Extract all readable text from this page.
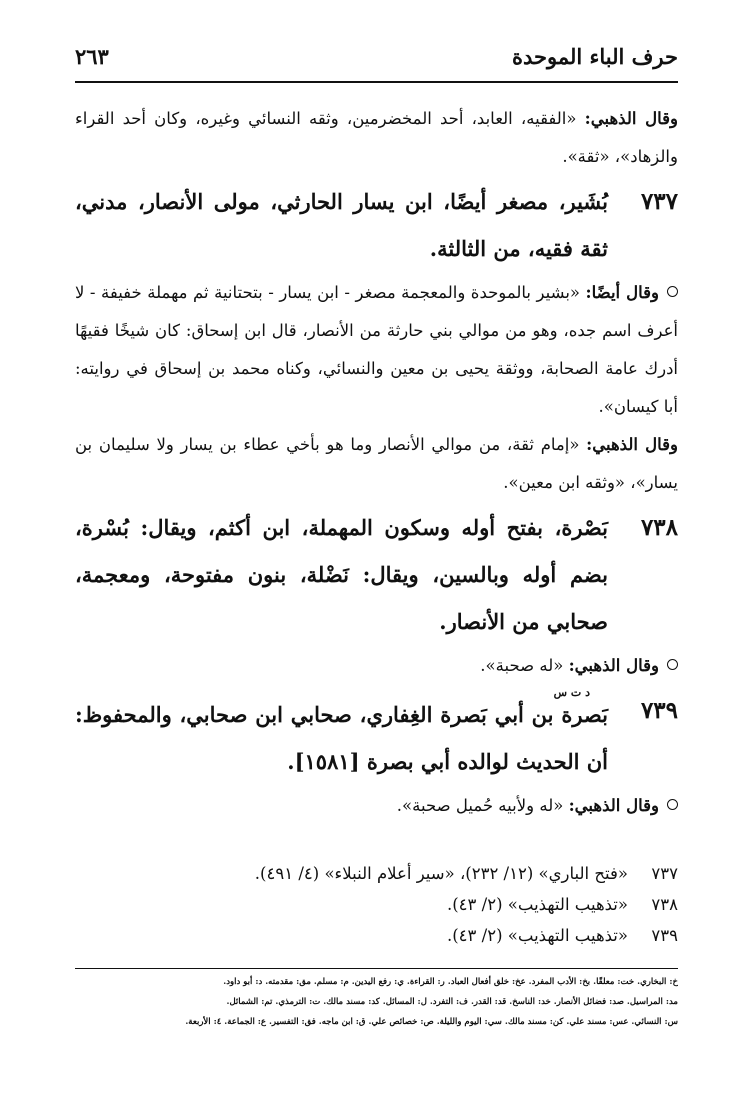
حرف الباء الموحدة
٢٦٣

وقال الذهبي: «الفقيه، العابد، أحد المخضرمين، وثقه النسائي وغيره، وكان أحد القراء والزهاد»، «ثقة».

٧٣٧

بُشَير، مصغر أيضًا، ابن يسار الحارثي، مولى الأنصار، مدني، ثقة فقيه، من الثالثة.

وقال أيضًا: «بشير بالموحدة والمعجمة مصغر - ابن يسار - بتحتانية ثم مهملة خفيفة - لا أعرف اسم جده، وهو من موالي بني حارثة من الأنصار، قال ابن إسحاق: كان شيخًا فقيهًا أدرك عامة الصحابة، ووثقة يحيى بن معين والنسائي، وكناه محمد بن إسحاق في روايته: أبا كيسان».

وقال الذهبي: «إمام ثقة، من موالي الأنصار وما هو بأخي عطاء بن يسار ولا سليمان بن يسار»، «وثقه ابن معين».

٧٣٨

بَصْرة، بفتح أوله وسكون المهملة، ابن أكثم، ويقال: بُسْرة، بضم أوله وبالسين، ويقال: نَضْلة، بنون مفتوحة، ومعجمة، صحابي من الأنصار.

وقال الذهبي: «له صحبة».

٧٣٩
د ت س

بَصرة بن أبي بَصرة الغِفاري، صحابي ابن صحابي، والمحفوظ: أن الحديث لوالده أبي بصرة [١٥٨١].

وقال الذهبي: «له ولأبيه حُميل صحبة».

٧٣٧«فتح الباري» (١٢/ ٢٣٢)، «سير أعلام النبلاء» (٤/ ٤٩١).
٧٣٨«تذهيب التهذيب» (٢/ ٤٣).
٧٣٩«تذهيب التهذيب» (٢/ ٤٣).
خ: البخاري. خت: معلقًا. بخ: الأدب المفرد. عخ: خلق أفعال العباد. ر: القراءة. ي: رفع اليدين. م: مسلم. مق: مقدمته. د: أبو داود.
مد: المراسيل. صد: فضائل الأنصار. خد: الناسخ. قد: القدر. ف: التفرد. ل: المسائل. كد: مسند مالك. ت: الترمذي. تم: الشمائل.
س: النسائي. عس: مسند علي. كن: مسند مالك. سي: اليوم والليلة. ص: خصائص علي. ق: ابن ماجه. فق: التفسير. ع: الجماعة. ٤: الأربعة.
